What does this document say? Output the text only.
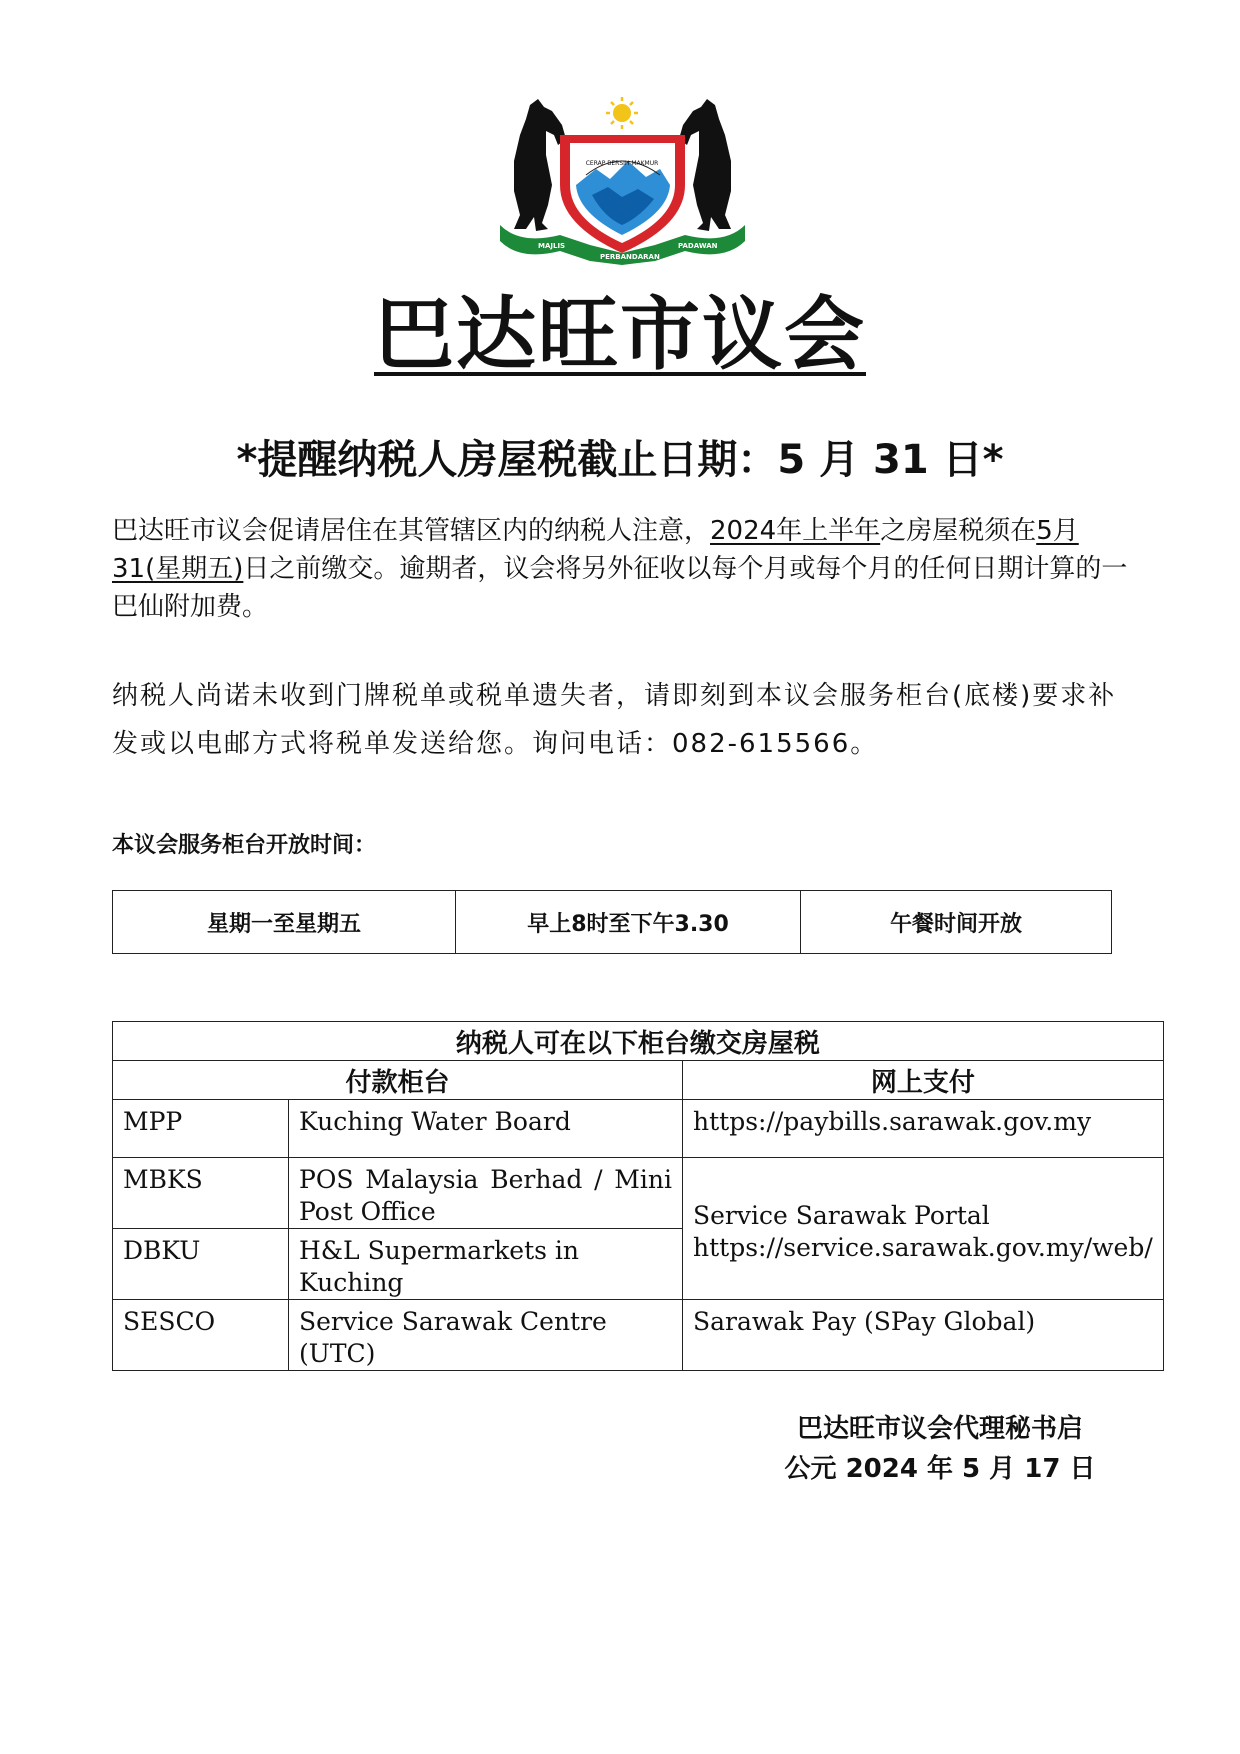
CERAP BERSIH MAKMUR
MAJLIS
PERBANDARAN
PADAWAN
巴达旺市议会
*提醒纳税人房屋税截止日期：5 月 31 日*
巴达旺市议会促请居住在其管辖区内的纳税人注意，2024年上半年之房屋税须在5月31(星期五)日之前缴交。逾期者，议会将另外征收以每个月或每个月的任何日期计算的一巴仙附加费。
纳税人尚诺未收到门牌税单或税单遗失者，请即刻到本议会服务柜台(底楼)要求补发或以电邮方式将税单发送给您。询问电话：082-615566。
本议会服务柜台开放时间：
星期一至星期五	早上8时至下午3.30	午餐时间开放
纳税人可在以下柜台缴交房屋税		
付款柜台		网上支付
MPP	Kuching Water Board	https://paybills.sarawak.gov.my
MBKS	POS Malaysia Berhad / Mini Post Office	Service Sarawak Portal
https://service.sarawak.gov.my/web/

DBKU	H&L Supermarkets in Kuching	
SESCO	Service Sarawak Centre (UTC)	Sarawak Pay (SPay Global)
巴达旺市议会代理秘书启
公元 2024 年 5 月 17 日
